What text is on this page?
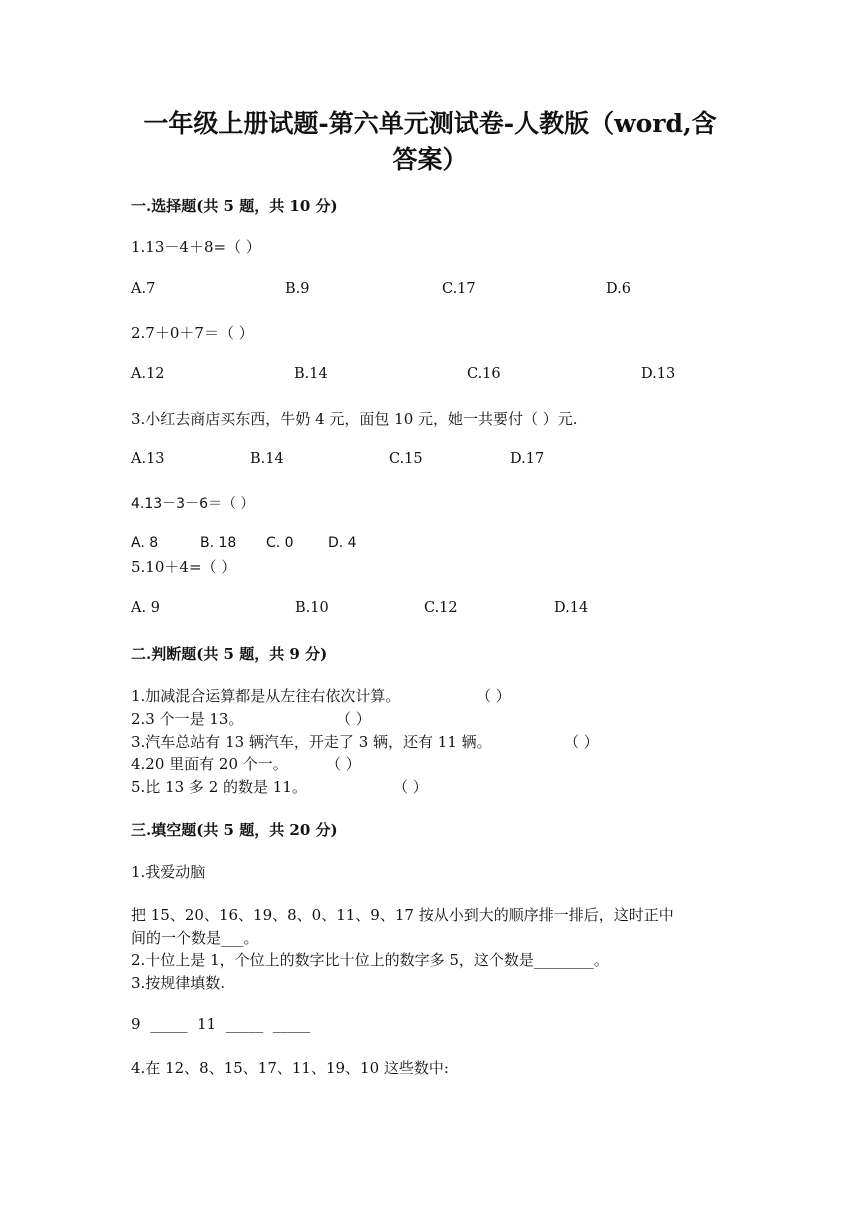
一年级上册试题-第六单元测试卷-人教版（word,含
答案）
一.选择题(共 5 题，共 10 分)
1.13－4＋8=（ ）
A.7	B.9	C.17	D.6
2.7＋0＋7＝（ ）
A.12	B.14	C.16	D.13
3.小红去商店买东西，牛奶 4 元，面包 10 元，她一共要付（ ）元.
A.13	B.14	C.15	D.17
4.13－3－6＝（ ）
A. 8	B. 18 C. 0 D. 4
5.10＋4=（ ）
A. 9	B.10	C.12	D.14
二.判断题(共 5 题，共 9 分)
1.加减混合运算都是从左往右依次计算。	（ ）
2.3 个一是 13。	（ ）
3.汽车总站有 13 辆汽车，开走了 3 辆，还有 11 辆。	（ ）
4.20 里面有 20 个一。	（ ）
5.比 13 多 2 的数是 11。	（ ）
三.填空题(共 5 题，共 20 分)
1.我爱动脑
把 15、20、16、19、8、0、11、9、17 按从小到大的顺序排一排后，这时正中
间的一个数是___。
2.十位上是 1，个位上的数字比十位上的数字多 5，这个数是________。
3.按规律填数.
9  _____  11  _____  _____
4.在 12、8、15、17、11、19、10 这些数中:
